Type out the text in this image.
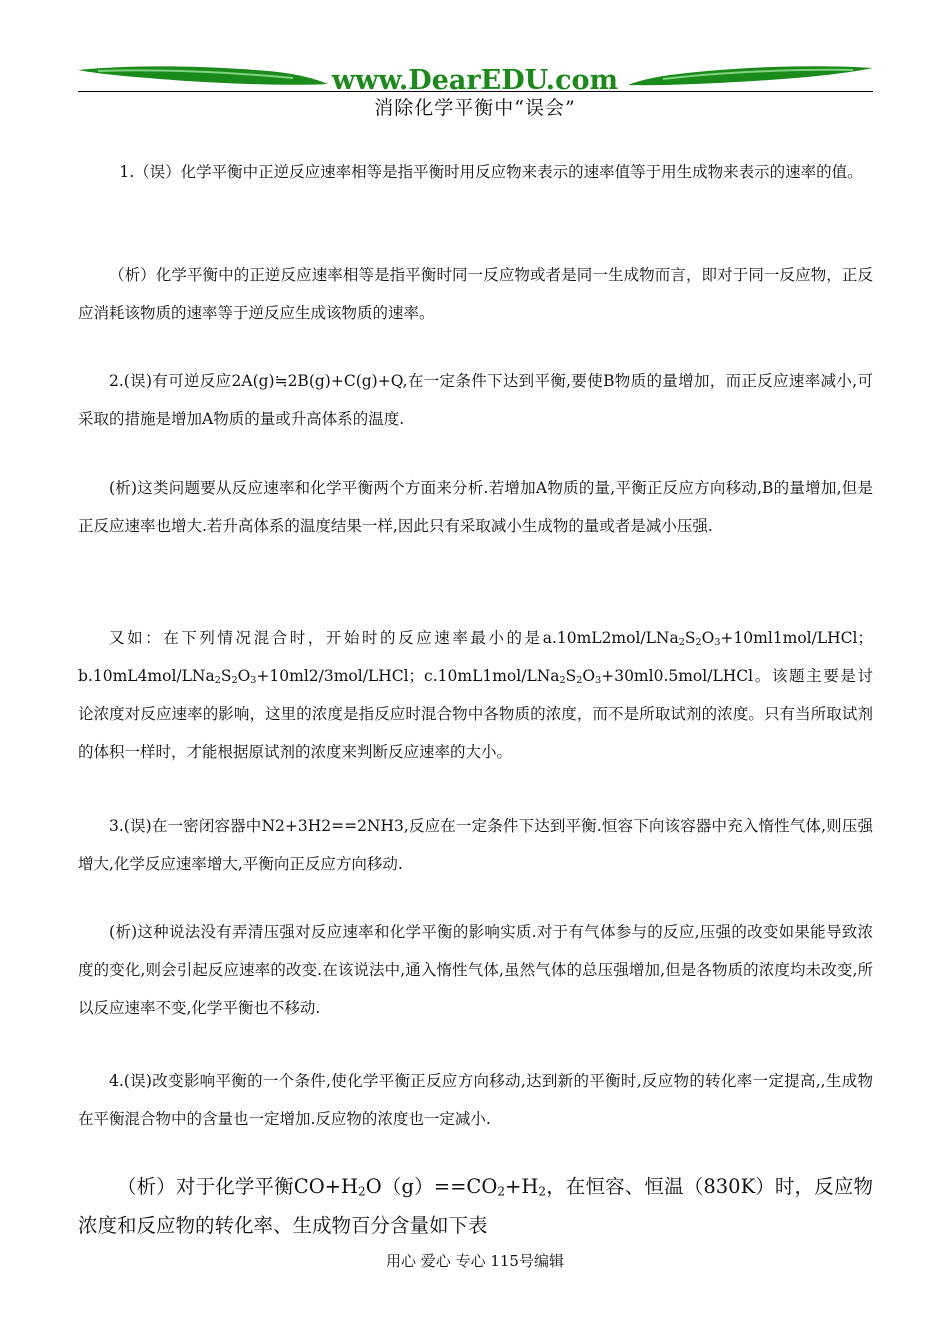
www.DearEDU.com
消除化学平衡中“误会”

1.（误）化学平衡中正逆反应速率相等是指平衡时用反应物来表示的速率值等于用生成物来表示的速率的值。

（析）化学平衡中的正逆反应速率相等是指平衡时同一反应物或者是同一生成物而言，即对于同一反应物，正反应消耗该物质的速率等于逆反应生成该物质的速率。

2.(误)有可逆反应2A(g)≒2B(g)+C(g)+Q,在一定条件下达到平衡,要使B物质的量增加，而正反应速率减小,可采取的措施是增加A物质的量或升高体系的温度.

(析)这类问题要从反应速率和化学平衡两个方面来分析.若增加A物质的量,平衡正反应方向移动,B的量增加,但是正反应速率也增大.若升高体系的温度结果一样,因此只有采取减小生成物的量或者是减小压强.

又如：在下列情况混合时，开始时的反应速率最小的是$a.10mL2mol/LNa_2S_2O_3+10ml1mol$/LHCl；$b.10mL4mol/LNa_2S_2O_3+10ml2/3mol$/LHCl；$c.10mL1mol/LNa_2S_2O_3+30ml0.5mol$/LHCl。该题主要是讨论浓度对反应速率的影响，这里的浓度是指反应时混合物中各物质的浓度，而不是所取试剂的浓度。只有当所取试剂的体积一样时，才能根据原试剂的浓度来判断反应速率的大小。

3.(误)在一密闭容器中N2+3H2==2NH3,反应在一定条件下达到平衡.恒容下向该容器中充入惰性气体,则压强增大,化学反应速率增大,平衡向正反应方向移动.

(析)这种说法没有弄清压强对反应速率和化学平衡的影响实质.对于有气体参与的反应,压强的改变如果能导致浓度的变化,则会引起反应速率的改变.在该说法中,通入惰性气体,虽然气体的总压强增加,但是各物质的浓度均未改变,所以反应速率不变,化学平衡也不移动.

4.(误)改变影响平衡的一个条件,使化学平衡正反应方向移动,达到新的平衡时,反应物的转化率一定提高,,生成物在平衡混合物中的含量也一定增加.反应物的浓度也一定减小.

（析）对于化学平衡$CO+H_2O(g)==CO_2+H_2$，在恒容、恒温（830K）时，反应物浓度和反应物的转化率、生成物百分含量如下表

用心 爱心 专心 115号编辑
